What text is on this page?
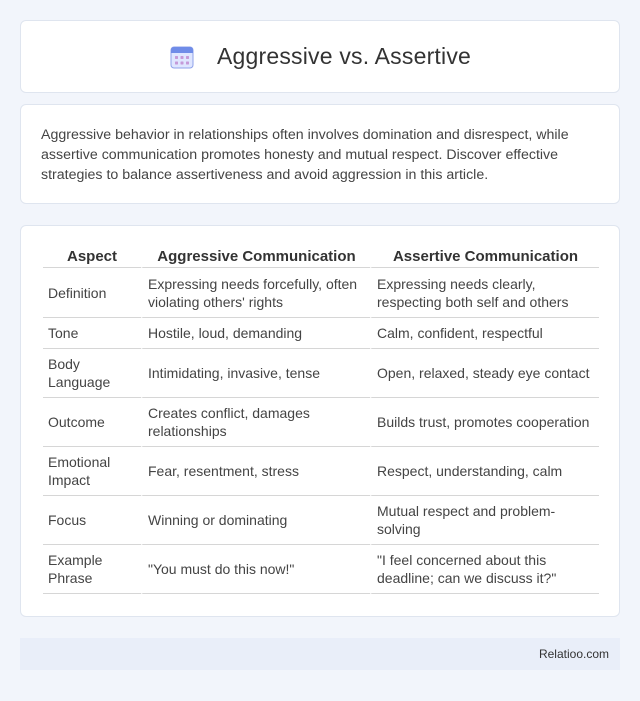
Aggressive vs. Assertive

Aggressive behavior in relationships often involves domination and disrespect, while assertive communication promotes honesty and mutual respect. Discover effective strategies to balance assertiveness and avoid aggression in this article.

Aspect	Aggressive Communication	Assertive Communication
Definition	Expressing needs forcefully, often violating others' rights	Expressing needs clearly, respecting both self and others
Tone	Hostile, loud, demanding	Calm, confident, respectful
Body Language	Intimidating, invasive, tense	Open, relaxed, steady eye contact
Outcome	Creates conflict, damages relationships	Builds trust, promotes cooperation
Emotional Impact	Fear, resentment, stress	Respect, understanding, calm
Focus	Winning or dominating	Mutual respect and problem-solving
Example Phrase	"You must do this now!"	"I feel concerned about this deadline; can we discuss it?"
Relatioo.com
